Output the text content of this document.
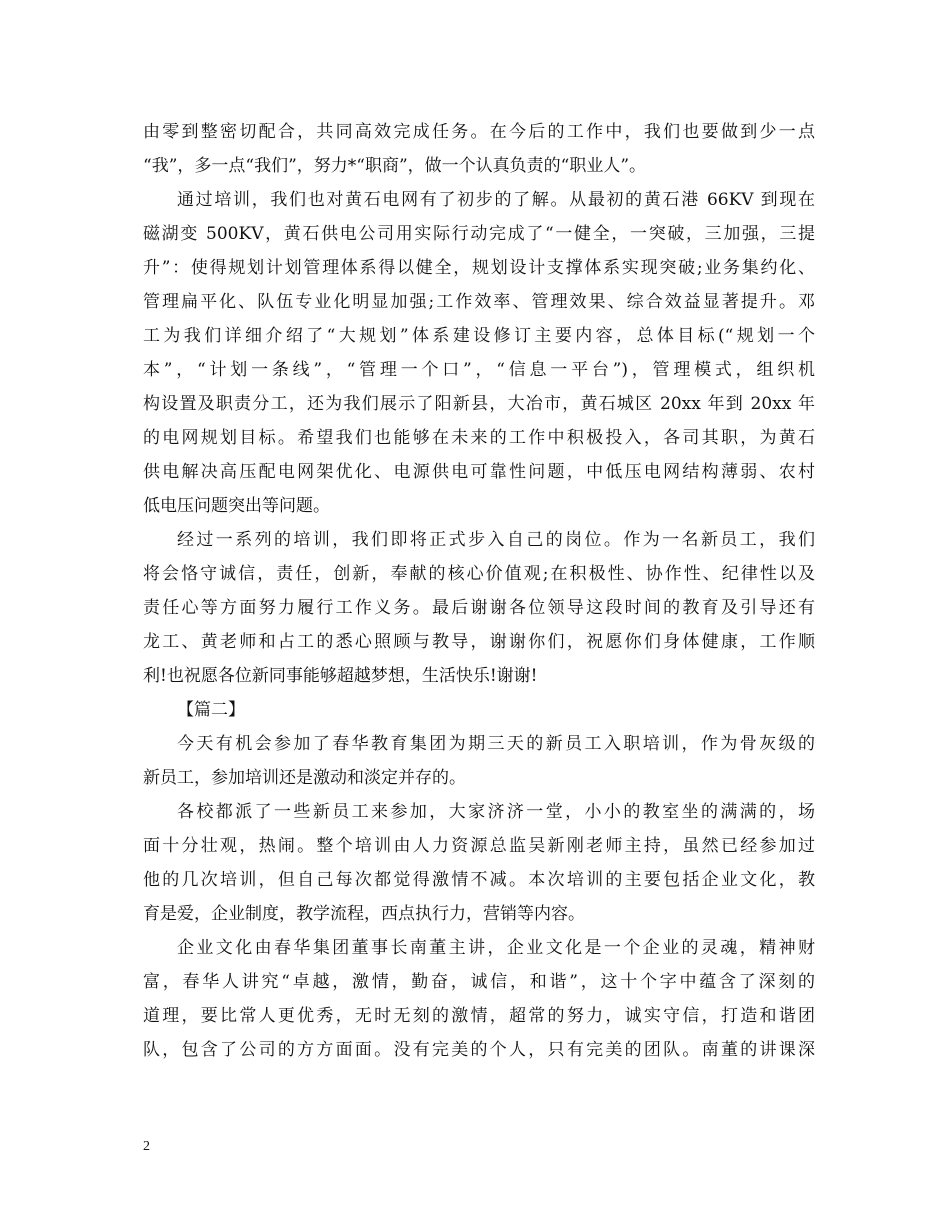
由零到整密切配合，共同高效完成任务。在今后的工作中，我们也要做到少一点
“我”，多一点“我们”，努力*“职商”，做一个认真负责的“职业人”。
通过培训，我们也对黄石电网有了初步的了解。从最初的黄石港 66KV 到现在
磁湖变 500KV，黄石供电公司用实际行动完成了“一健全，一突破，三加强，三提
升”：使得规划计划管理体系得以健全，规划设计支撑体系实现突破;业务集约化、
管理扁平化、队伍专业化明显加强;工作效率、管理效果、综合效益显著提升。邓
工为我们详细介绍了“大规划”体系建设修订主要内容，总体目标(“规划一个
本”，“计划一条线”，“管理一个口”，“信息一平台”)，管理模式，组织机
构设置及职责分工，还为我们展示了阳新县，大冶市，黄石城区 20xx 年到 20xx 年
的电网规划目标。希望我们也能够在未来的工作中积极投入，各司其职，为黄石
供电解决高压配电网架优化、电源供电可靠性问题，中低压电网结构薄弱、农村
低电压问题突出等问题。
经过一系列的培训，我们即将正式步入自己的岗位。作为一名新员工，我们
将会恪守诚信，责任，创新，奉献的核心价值观;在积极性、协作性、纪律性以及
责任心等方面努力履行工作义务。最后谢谢各位领导这段时间的教育及引导还有
龙工、黄老师和占工的悉心照顾与教导，谢谢你们，祝愿你们身体健康，工作顺
利!也祝愿各位新同事能够超越梦想，生活快乐!谢谢!
【篇二】
今天有机会参加了春华教育集团为期三天的新员工入职培训，作为骨灰级的
新员工，参加培训还是激动和淡定并存的。
各校都派了一些新员工来参加，大家济济一堂，小小的教室坐的满满的，场
面十分壮观，热闹。整个培训由人力资源总监吴新刚老师主持，虽然已经参加过
他的几次培训，但自己每次都觉得激情不减。本次培训的主要包括企业文化，教
育是爱，企业制度，教学流程，西点执行力，营销等内容。
企业文化由春华集团董事长南董主讲，企业文化是一个企业的灵魂，精神财
富，春华人讲究“卓越，激情，勤奋，诚信，和谐”，这十个字中蕴含了深刻的
道理，要比常人更优秀，无时无刻的激情，超常的努力，诚实守信，打造和谐团
队，包含了公司的方方面面。没有完美的个人，只有完美的团队。南董的讲课深
2
